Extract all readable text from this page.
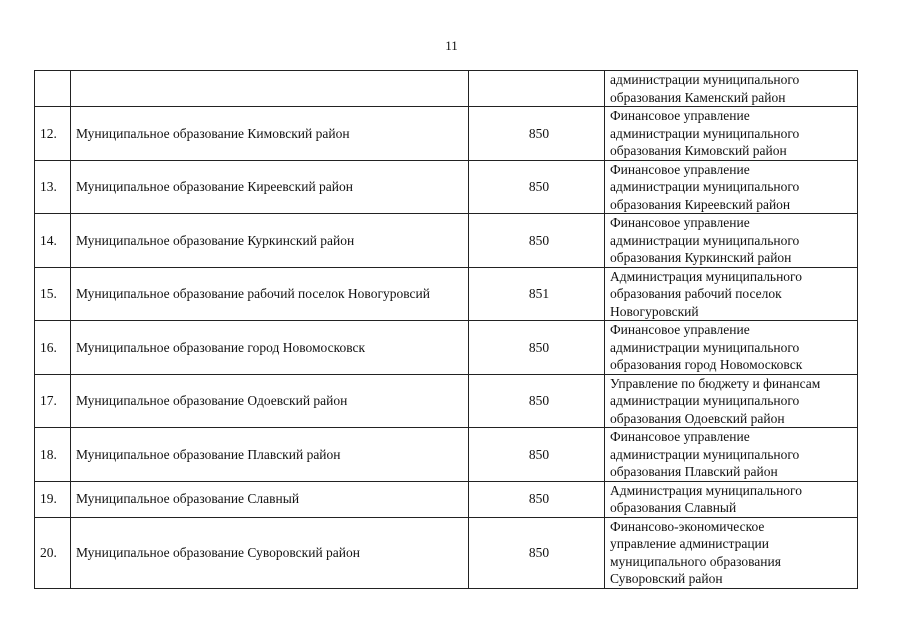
11

			администрации муниципального
образования Каменский район

12.	Муниципальное образование Кимовский район	850	Финансовое управление
администрации муниципального
образования Кимовский район

13.	Муниципальное образование Киреевский район	850	Финансовое управление
администрации муниципального
образования Киреевский район

14.	Муниципальное образование Куркинский район	850	Финансовое управление
администрации муниципального
образования Куркинский район

15.	Муниципальное образование рабочий поселок Новогуровсий	851	Администрация муниципального
образования рабочий поселок
Новогуровский

16.	Муниципальное образование город Новомосковск	850	Финансовое управление
администрации муниципального
образования город Новомосковск

17.	Муниципальное образование Одоевский район	850	Управление по бюджету и финансам
администрации муниципального
образования Одоевский район

18.	Муниципальное образование Плавский район	850	Финансовое управление
администрации муниципального
образования Плавский район

19.	Муниципальное образование Славный	850	Администрация муниципального
образования Славный

20.	Муниципальное образование Суворовский район	850	Финансово-экономическое
управление администрации
муниципального образования
Суворовский район
